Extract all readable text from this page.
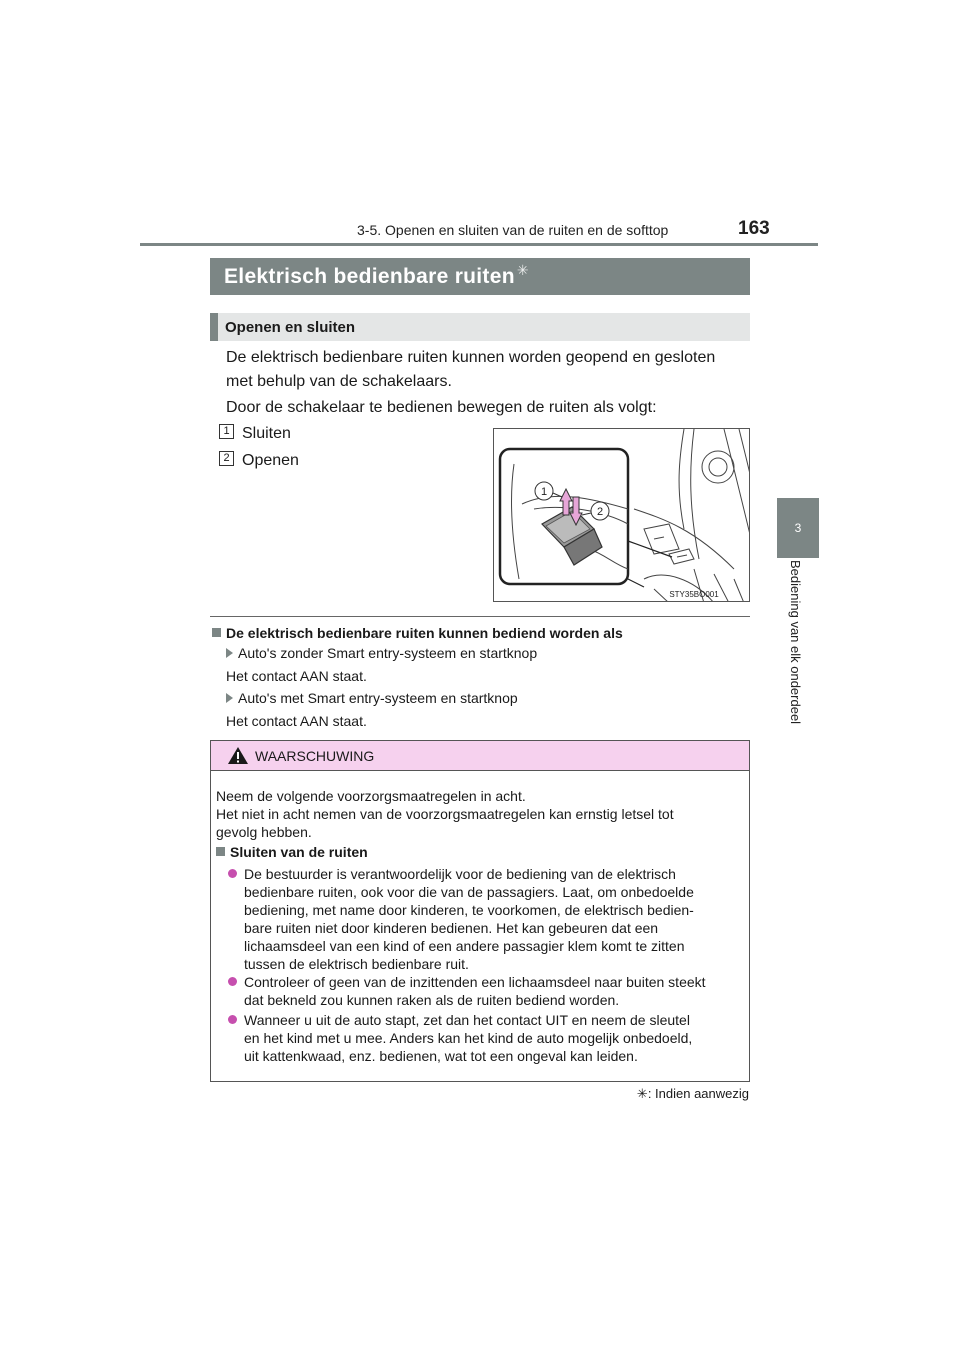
3-5. Openen en sluiten van de ruiten en de softtop	163
3
Bediening van elk onderdeel
Elektrisch bedienbare ruiten ✳
Openen en sluiten
De elektrisch bedienbare ruiten kunnen worden geopend en gesloten
met behulp van de schakelaars.
Door de schakelaar te bedienen bewegen de ruiten als volgt:
1 Sluiten
2 Openen
1
2
STY35BO001
De elektrisch bedienbare ruiten kunnen bediend worden als
Auto's zonder Smart entry-systeem en startknop
Het contact AAN staat.
Auto's met Smart entry-systeem en startknop
Het contact AAN staat.
WAARSCHUWING
Neem de volgende voorzorgsmaatregelen in acht.
Het niet in acht nemen van de voorzorgsmaatregelen kan ernstig letsel tot
gevolg hebben.
Sluiten van de ruiten
De bestuurder is verantwoordelijk voor de bediening van de elektrisch
bedienbare ruiten, ook voor die van de passagiers. Laat, om onbedoelde
bediening, met name door kinderen, te voorkomen, de elektrisch bedien-
bare ruiten niet door kinderen bedienen. Het kan gebeuren dat een
lichaamsdeel van een kind of een andere passagier klem komt te zitten
tussen de elektrisch bedienbare ruit.
Controleer of geen van de inzittenden een lichaamsdeel naar buiten steekt
dat bekneld zou kunnen raken als de ruiten bediend worden.
Wanneer u uit de auto stapt, zet dan het contact UIT en neem de sleutel
en het kind met u mee. Anders kan het kind de auto mogelijk onbedoeld,
uit kattenkwaad, enz. bedienen, wat tot een ongeval kan leiden.
✳: Indien aanwezig
